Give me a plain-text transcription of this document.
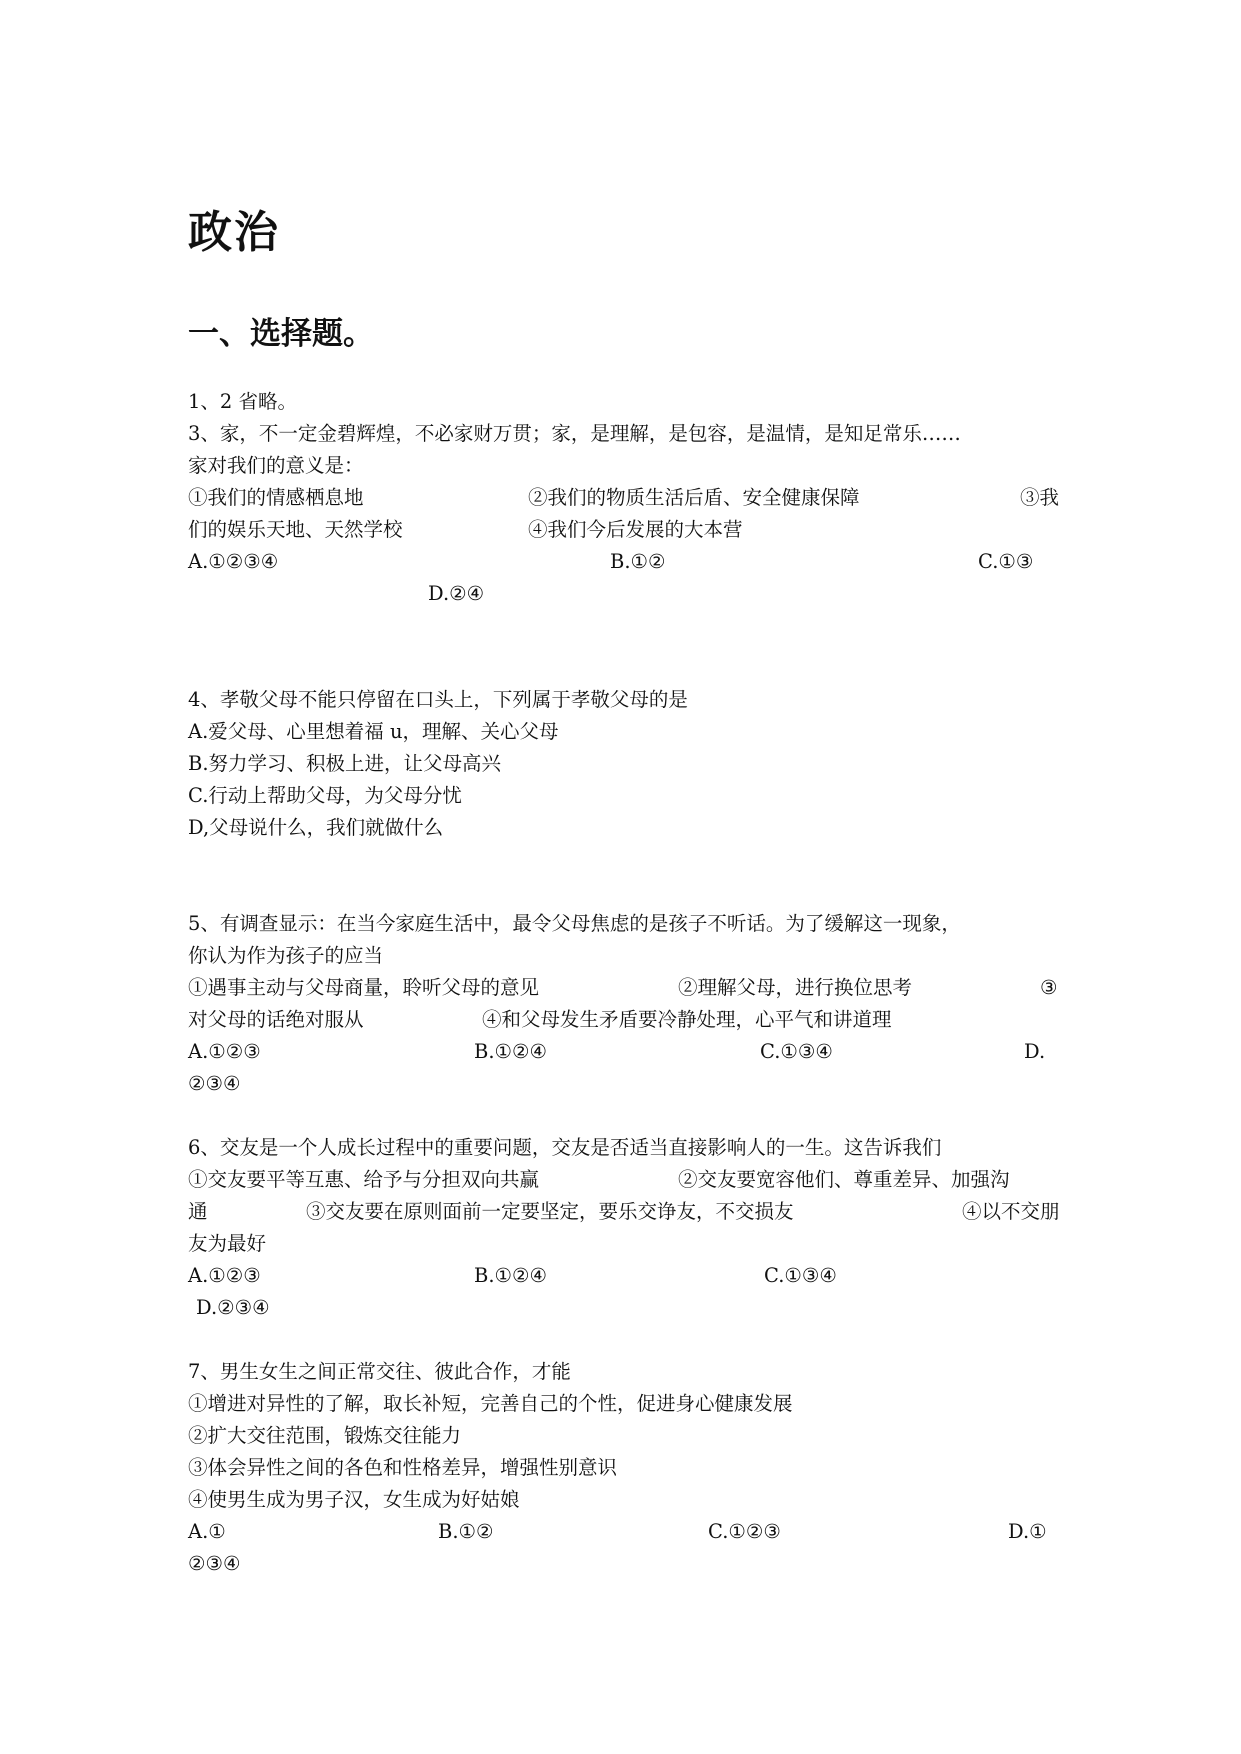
政治
一、选择题。
1、2 省略。
3、家，不一定金碧辉煌，不必家财万贯；家，是理解，是包容，是温情，是知足常乐……
家对我们的意义是：
①我们的情感栖息地	②我们的物质生活后盾、安全健康保障	③我
们的娱乐天地、天然学校	④我们今后发展的大本营
A.①②③④	B.①②	C.①③
D.②④
4、孝敬父母不能只停留在口头上，下列属于孝敬父母的是
A.爱父母、心里想着福 u，理解、关心父母
B.努力学习、积极上进，让父母高兴
C.行动上帮助父母，为父母分忧
D,父母说什么，我们就做什么
5、有调查显示：在当今家庭生活中，最令父母焦虑的是孩子不听话。为了缓解这一现象，
你认为作为孩子的应当
①遇事主动与父母商量，聆听父母的意见	②理解父母，进行换位思考	③
对父母的话绝对服从	④和父母发生矛盾要冷静处理，心平气和讲道理
A.①②③	B.①②④	C.①③④	D.
②③④
6、交友是一个人成长过程中的重要问题，交友是否适当直接影响人的一生。这告诉我们
①交友要平等互惠、给予与分担双向共赢	②交友要宽容他们、尊重差异、加强沟
通	③交友要在原则面前一定要坚定，要乐交诤友，不交损友	④以不交朋
友为最好
A.①②③	B.①②④	C.①③④
D.②③④
7、男生女生之间正常交往、彼此合作，才能
①增进对异性的了解，取长补短，完善自己的个性，促进身心健康发展
②扩大交往范围，锻炼交往能力
③体会异性之间的各色和性格差异，增强性别意识
④使男生成为男子汉，女生成为好姑娘
A.①	B.①②	C.①②③	D.①
②③④
